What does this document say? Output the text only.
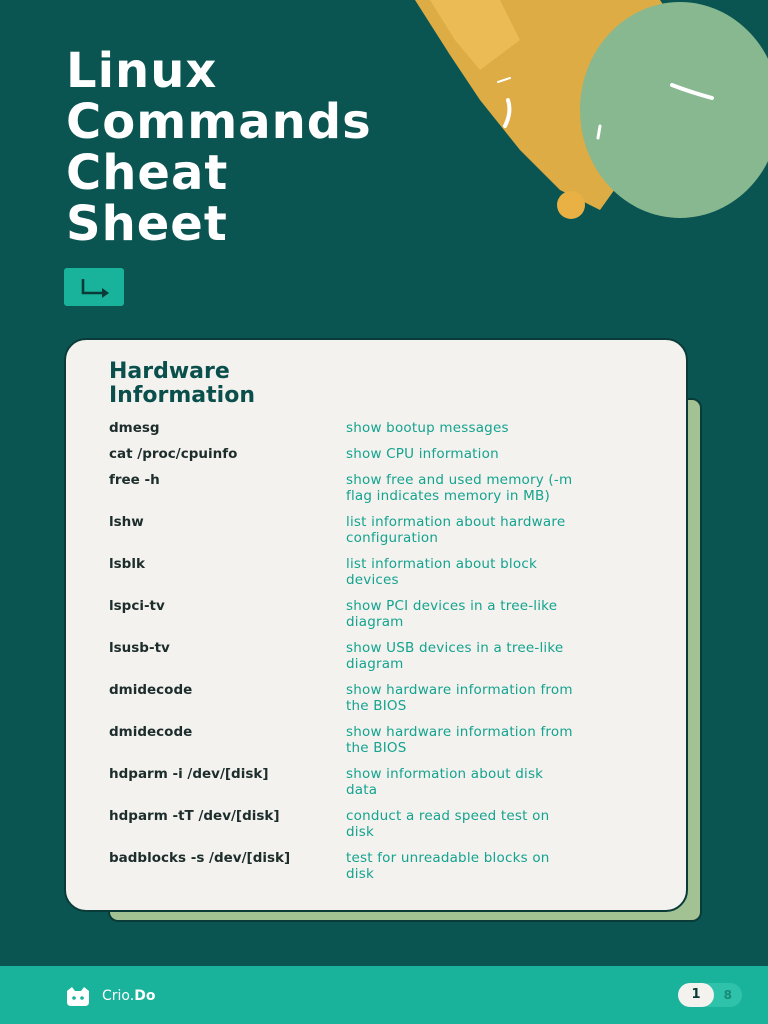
Linux
Commands
Cheat
Sheet
Hardware
Information
dmesg	show bootup messages
cat /proc/cpuinfo	show CPU information
free -h	show free and used memory (-m
flag indicates memory in MB)
lshw	list information about hardware
configuration
lsblk	list information about block
devices
lspci-tv	show PCI devices in a tree-like
diagram
lsusb-tv	show USB devices in a tree-like
diagram
dmidecode	show hardware information from
the BIOS
dmidecode	show hardware information from
the BIOS
hdparm -i /dev/[disk]	show information about disk
data
hdparm -tT /dev/[disk]	conduct a read speed test on
disk
badblocks -s /dev/[disk]	test for unreadable blocks on
disk
Crio. Do	8
1
